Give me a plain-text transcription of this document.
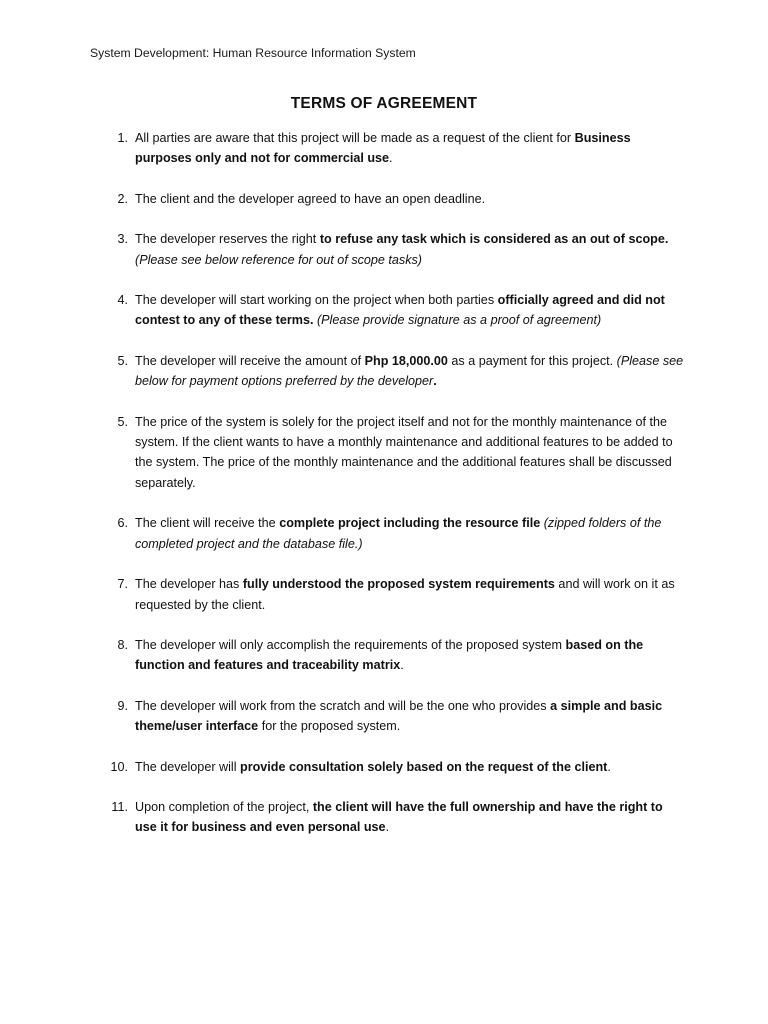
System Development: Human Resource Information System
TERMS OF AGREEMENT
1. All parties are aware that this project will be made as a request of the client for Business purposes only and not for commercial use.
2. The client and the developer agreed to have an open deadline.
3. The developer reserves the right to refuse any task which is considered as an out of scope. (Please see below reference for out of scope tasks)
4. The developer will start working on the project when both parties officially agreed and did not contest to any of these terms. (Please provide signature as a proof of agreement)
5. The developer will receive the amount of Php 18,000.00 as a payment for this project. (Please see below for payment options preferred by the developer.
5. The price of the system is solely for the project itself and not for the monthly maintenance of the system. If the client wants to have a monthly maintenance and additional features to be added to the system. The price of the monthly maintenance and the additional features shall be discussed separately.
6. The client will receive the complete project including the resource file (zipped folders of the completed project and the database file.)
7. The developer has fully understood the proposed system requirements and will work on it as requested by the client.
8. The developer will only accomplish the requirements of the proposed system based on the function and features and traceability matrix.
9. The developer will work from the scratch and will be the one who provides a simple and basic theme/user interface for the proposed system.
10. The developer will provide consultation solely based on the request of the client.
11. Upon completion of the project, the client will have the full ownership and have the right to use it for business and even personal use.
